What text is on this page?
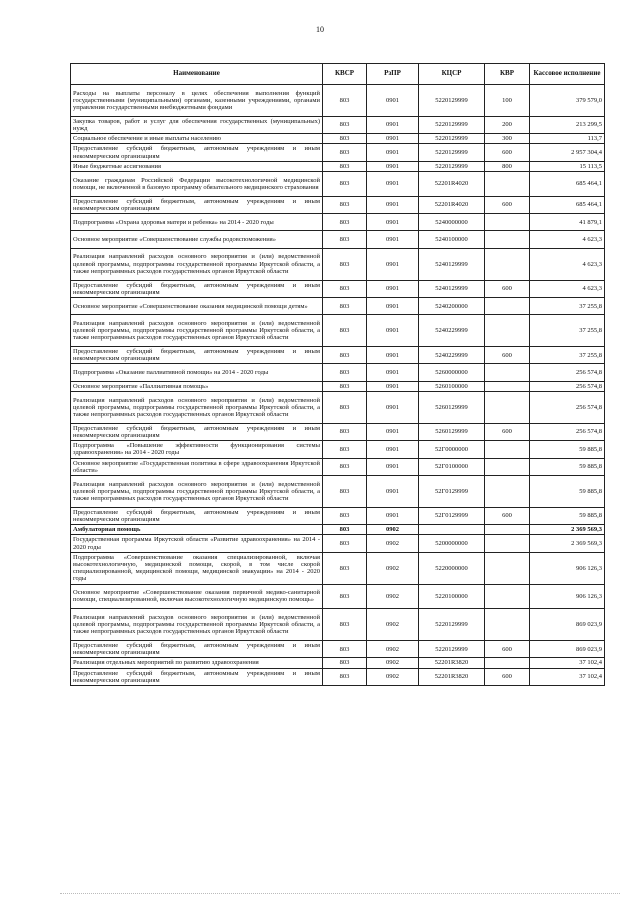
10
Наименование	КВСР	РзПР	КЦСР	КВР	Кассовое исполнение
Расходы на выплаты персоналу в целях обеспечения выполнения функций государственными (муниципальными) органами, казенными учреждениями, органами управления государственными внебюджетными фондами	803	0901	5220129999	100	379 579,0
Закупка товаров, работ и услуг для обеспечения государственных (муниципальных) нужд	803	0901	5220129999	200	213 299,5
Социальное обеспечение и иные выплаты населению	803	0901	5220129999	300	113,7
Предоставление субсидий бюджетным, автономным учреждениям и иным некоммерческим организациям	803	0901	5220129999	600	2 957 304,4
Иные бюджетные ассигнования	803	0901	5220129999	800	15 113,5
Оказание гражданам Российской Федерации высокотехнологичной медицинской помощи, не включенной в базовую программу обязательного медицинского страхования	803	0901	52201R4020		685 464,1
Предоставление субсидий бюджетным, автономным учреждениям и иным некоммерческим организациям	803	0901	52201R4020	600	685 464,1
Подпрограмма «Охрана здоровья матери и ребенка» на 2014 - 2020 годы	803	0901	5240000000		41 879,1
Основное мероприятие «Совершенствование службы родовспоможения»	803	0901	5240100000		4 623,3
Реализация направлений расходов основного мероприятия и (или) ведомственной целевой программы, подпрограммы государственной программы Иркутской области, а также непрограммных расходов государственных органов Иркутской области	803	0901	5240129999		4 623,3
Предоставление субсидий бюджетным, автономным учреждениям и иным некоммерческим организациям	803	0901	5240129999	600	4 623,3
Основное мероприятие «Совершенствование оказания медицинской помощи детям»	803	0901	5240200000		37 255,8
Реализация направлений расходов основного мероприятия и (или) ведомственной целевой программы, подпрограммы государственной программы Иркутской области, а также непрограммных расходов государственных органов Иркутской области	803	0901	5240229999		37 255,8
Предоставление субсидий бюджетным, автономным учреждениям и иным некоммерческим организациям	803	0901	5240229999	600	37 255,8
Подпрограмма «Оказание паллиативной помощи» на 2014 - 2020 годы	803	0901	5260000000		256 574,8
Основное мероприятие «Паллиативная помощь»	803	0901	5260100000		256 574,8
Реализация направлений расходов основного мероприятия и (или) ведомственной целевой программы, подпрограммы государственной программы Иркутской области, а также непрограммных расходов государственных органов Иркутской области	803	0901	5260129999		256 574,8
Предоставление субсидий бюджетным, автономным учреждениям и иным некоммерческим организациям	803	0901	5260129999	600	256 574,8
Подпрограмма «Повышение эффективности функционирования системы здравоохранения» на 2014 - 2020 годы	803	0901	52Г0000000		59 885,8
Основное мероприятие «Государственная политика в сфере здравоохранения Иркутской области»	803	0901	52Г0100000		59 885,8
Реализация направлений расходов основного мероприятия и (или) ведомственной целевой программы, подпрограммы государственной программы Иркутской области, а также непрограммных расходов государственных органов Иркутской области	803	0901	52Г0129999		59 885,8
Предоставление субсидий бюджетным, автономным учреждениям и иным некоммерческим организациям	803	0901	52Г0129999	600	59 885,8
Амбулаторная помощь	803	0902			2 369 569,3
Государственная программа Иркутской области «Развитие здравоохранения» на 2014 - 2020 годы	803	0902	5200000000		2 369 569,3
Подпрограмма «Совершенствование оказания специализированной, включая высокотехнологичную, медицинской помощи, скорой, в том числе скорой специализированной, медицинской помощи, медицинской эвакуации» на 2014 - 2020 годы	803	0902	5220000000		906 126,3
Основное мероприятие «Совершенствование оказания первичной медико-санитарной помощи, специализированной, включая высокотехнологичную медицинскую помощь»	803	0902	5220100000		906 126,3
Реализация направлений расходов основного мероприятия и (или) ведомственной целевой программы, подпрограммы государственной программы Иркутской области, а также непрограммных расходов государственных органов Иркутской области	803	0902	5220129999		869 023,9
Предоставление субсидий бюджетным, автономным учреждениям и иным некоммерческим организациям	803	0902	5220129999	600	869 023,9
Реализация отдельных мероприятий по развитию здравоохранения	803	0902	52201R3820		37 102,4
Предоставление субсидий бюджетным, автономным учреждениям и иным некоммерческим организациям	803	0902	52201R3820	600	37 102,4
